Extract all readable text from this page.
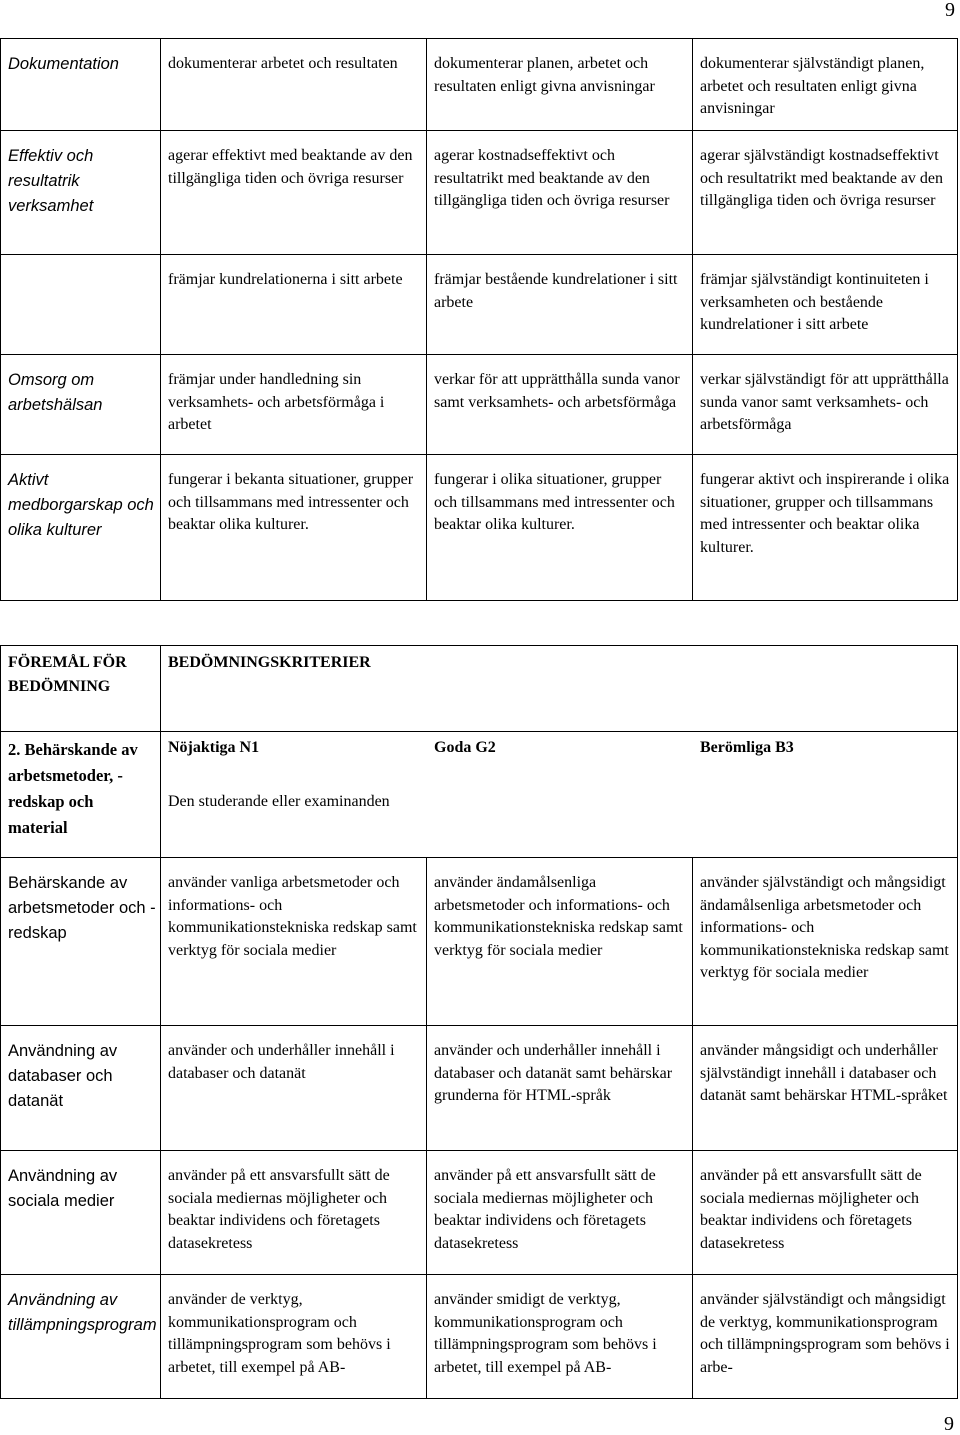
9
Dokumentation	dokumenterar arbetet och resultaten	dokumenterar planen, arbetet och resultaten enligt givna anvisningar	dokumenterar självständigt planen, arbetet och resultaten enligt givna anvisningar
Effektiv och resultatrik verksamhet	agerar effektivt med beaktande av den tillgängliga tiden och övriga resurser	agerar kostnadseffektivt och resultatrikt med beaktande av den tillgängliga tiden och övriga resurser	agerar självständigt kostnadseffektivt och resultatrikt med beaktande av den tillgängliga tiden och övriga resurser
	främjar kundrelationerna i sitt arbete	främjar bestående kundrelationer i sitt arbete	främjar självständigt kontinuiteten i verksamheten och bestående kundrelationer i sitt arbete
Omsorg om arbetshälsan	främjar under handledning sin verksamhets- och arbetsförmåga i arbetet	verkar för att upprätthålla sunda vanor samt verksamhets- och arbetsförmåga	verkar självständigt för att upprätthålla sunda vanor samt verksamhets- och arbetsförmåga
Aktivt medborgarskap och olika kulturer	fungerar i bekanta situationer, grupper och tillsammans med intressenter och beaktar olika kulturer.	fungerar i olika situationer, grupper och tillsammans med intressenter och beaktar olika kulturer.	fungerar aktivt och inspirerande i olika situationer, grupper och tillsammans med intressenter och beaktar olika kulturer.
FÖREMÅL FÖR BEDÖMNING	BEDÖMNINGSKRITERIER		
2. Behärskande av arbetsmetoder, -redskap och material	Nöjaktiga N1 Goda G2 Berömliga B3
Den studerande eller examinanden		

Behärskande av arbetsmetoder och -redskap	använder vanliga arbetsmetoder och informations- och kommunikationstekniska redskap samt verktyg för sociala medier	använder ändamålsenliga arbetsmetoder och informations- och kommunikationstekniska redskap samt verktyg för sociala medier	använder självständigt och mångsidigt ändamålsenliga arbetsmetoder och informations- och kommunikationstekniska redskap samt verktyg för sociala medier
Användning av databaser och datanät	använder och underhåller innehåll i databaser och datanät	använder och underhåller innehåll i databaser och datanät samt behärskar grunderna för HTML-språk	använder mångsidigt och underhåller självständigt innehåll i databaser och datanät samt behärskar HTML-språket
Användning av sociala medier	använder på ett ansvarsfullt sätt de sociala mediernas möjligheter och beaktar individens och företagets datasekretess	använder på ett ansvarsfullt sätt de sociala mediernas möjligheter och beaktar individens och företagets datasekretess	använder på ett ansvarsfullt sätt de sociala mediernas möjligheter och beaktar individens och företagets datasekretess
Användning av tillämpningsprogram	använder de verktyg, kommunikationsprogram och tillämpningsprogram som behövs i arbetet, till exempel på AB-	använder smidigt de verktyg, kommunikationsprogram och tillämpningsprogram som behövs i arbetet, till exempel på AB-	använder självständigt och mångsidigt de verktyg, kommunikationsprogram och tillämpningsprogram som behövs i arbe-
9
